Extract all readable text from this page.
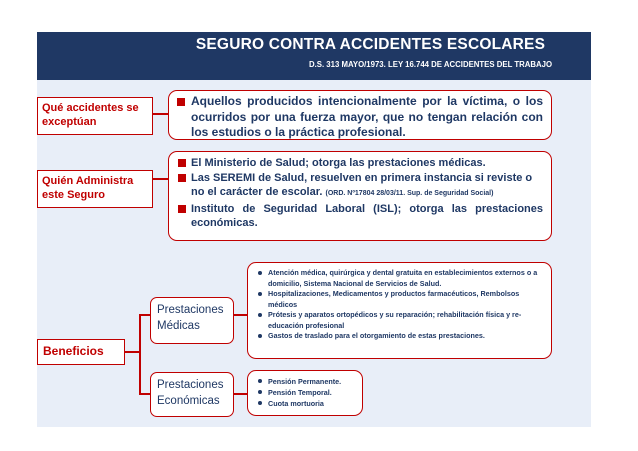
SEGURO CONTRA ACCIDENTES ESCOLARES
D.S. 313 MAYO/1973. LEY 16.744 DE ACCIDENTES DEL TRABAJO
Qué accidentes se exceptúan
Aquellos producidos intencionalmente por la víctima, o los ocurridos por una fuerza mayor, que no tengan relación con los estudios o la práctica profesional.
Quién Administra este Seguro
El Ministerio de Salud; otorga las prestaciones médicas.
Las SEREMI de Salud, resuelven en primera instancia si reviste o no el carácter de escolar. (ORD. Nº17804 28/03/11. Sup. de Seguridad Social)
Instituto de Seguridad Laboral (ISL); otorga las prestaciones económicas.
Beneficios
Prestaciones Médicas
Prestaciones Económicas
Atención médica, quirúrgica y dental gratuita en establecimientos externos o a domicilio, Sistema Nacional de Servicios de Salud.
Hospitalizaciones, Medicamentos y productos farmacéuticos, Rembolsos médicos
Prótesis y aparatos ortopédicos y su reparación; rehabilitación física y re-educación profesional
Gastos de traslado para el otorgamiento de estas prestaciones.
Pensión Permanente.
Pensión Temporal.
Cuota mortuoria
